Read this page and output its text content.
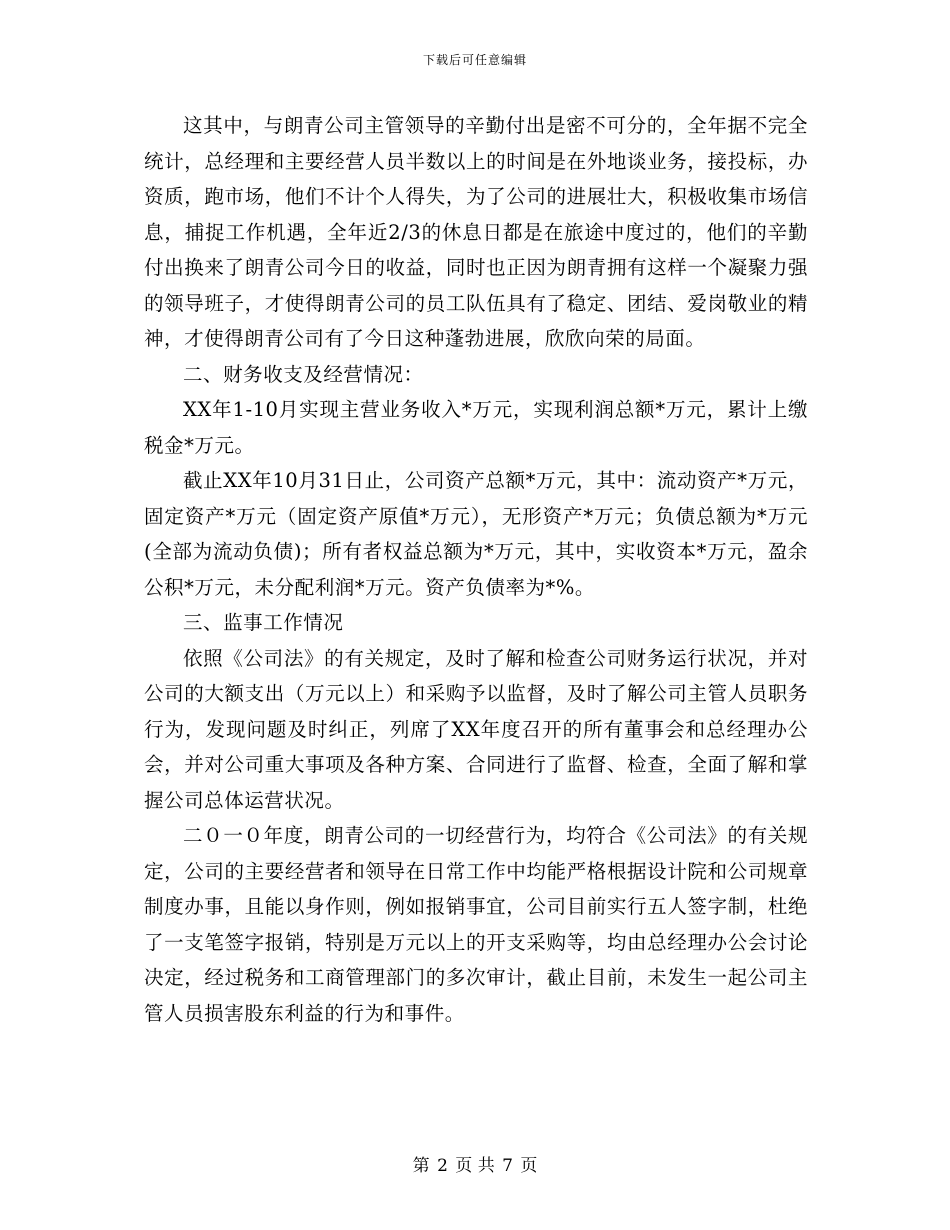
下载后可任意编辑

这其中，与朗青公司主管领导的辛勤付出是密不可分的，全年据不完全统计，总经理和主要经营人员半数以上的时间是在外地谈业务，接投标，办资质，跑市场，他们不计个人得失，为了公司的进展壮大，积极收集市场信息，捕捉工作机遇，全年近2/3的休息日都是在旅途中度过的，他们的辛勤付出换来了朗青公司今日的收益，同时也正因为朗青拥有这样一个凝聚力强的领导班子，才使得朗青公司的员工队伍具有了稳定、团结、爱岗敬业的精神，才使得朗青公司有了今日这种蓬勃进展，欣欣向荣的局面。

二、财务收支及经营情况：

XX年1-10月实现主营业务收入*万元，实现利润总额*万元，累计上缴税金*万元。

截止XX年10月31日止，公司资产总额*万元，其中：流动资产*万元，固定资产*万元（固定资产原值*万元），无形资产*万元；负债总额为*万元 (全部为流动负债)；所有者权益总额为*万元，其中，实收资本*万元，盈余公积*万元，未分配利润*万元。资产负债率为*%。

三、监事工作情况

依照《公司法》的有关规定，及时了解和检查公司财务运行状况，并对公司的大额支出（万元以上）和采购予以监督，及时了解公司主管人员职务行为，发现问题及时纠正，列席了XX年度召开的所有董事会和总经理办公会，并对公司重大事项及各种方案、合同进行了监督、检查，全面了解和掌握公司总体运营状况。

二０一０年度，朗青公司的一切经营行为，均符合《公司法》的有关规定，公司的主要经营者和领导在日常工作中均能严格根据设计院和公司规章制度办事，且能以身作则，例如报销事宜，公司目前实行五人签字制，杜绝了一支笔签字报销，特别是万元以上的开支采购等，均由总经理办公会讨论决定，经过税务和工商管理部门的多次审计，截止目前，未发生一起公司主管人员损害股东利益的行为和事件。

第 2 页 共 7 页
